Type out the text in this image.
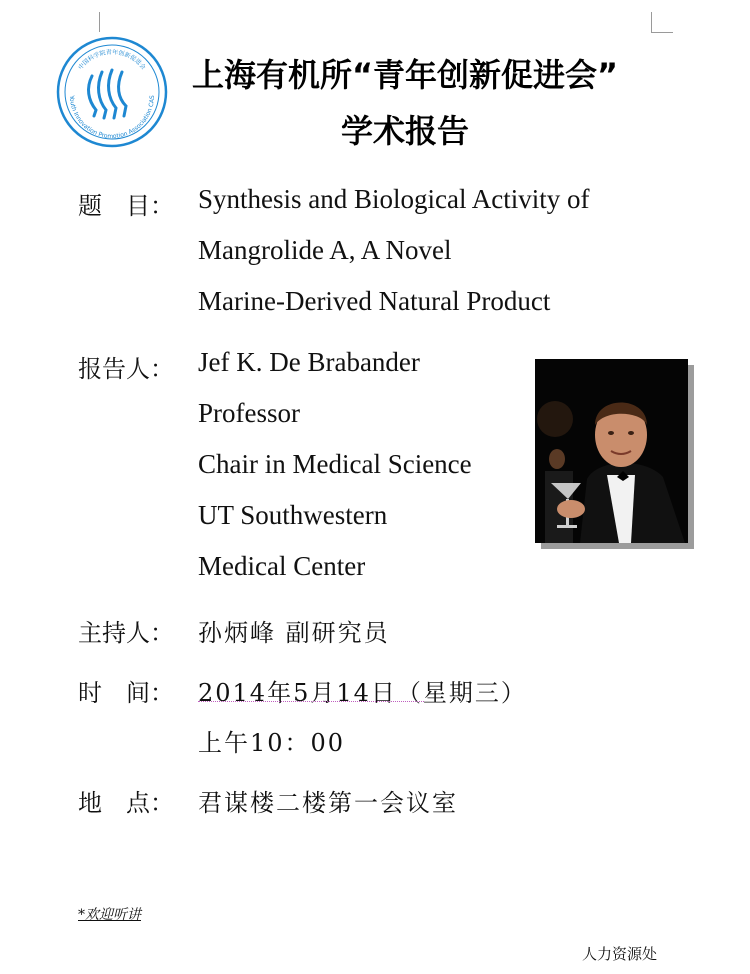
中国科学院青年创新促进会
Youth Innovation Promotion Association CAS
上海有机所“青年创新促进会”
学术报告
题　目： Synthesis and Biological Activity of
Mangrolide A, A Novel
Marine-Derived Natural Product
报告人： Jef K. De Brabander
Professor
Chair in Medical Science
UT Southwestern
Medical Center
主持人： 孙炳峰 副研究员
时　间： 2014年5月14日（星期三）
上午10：00
地　点： 君谋楼二楼第一会议室
*欢迎听讲
人力资源处
